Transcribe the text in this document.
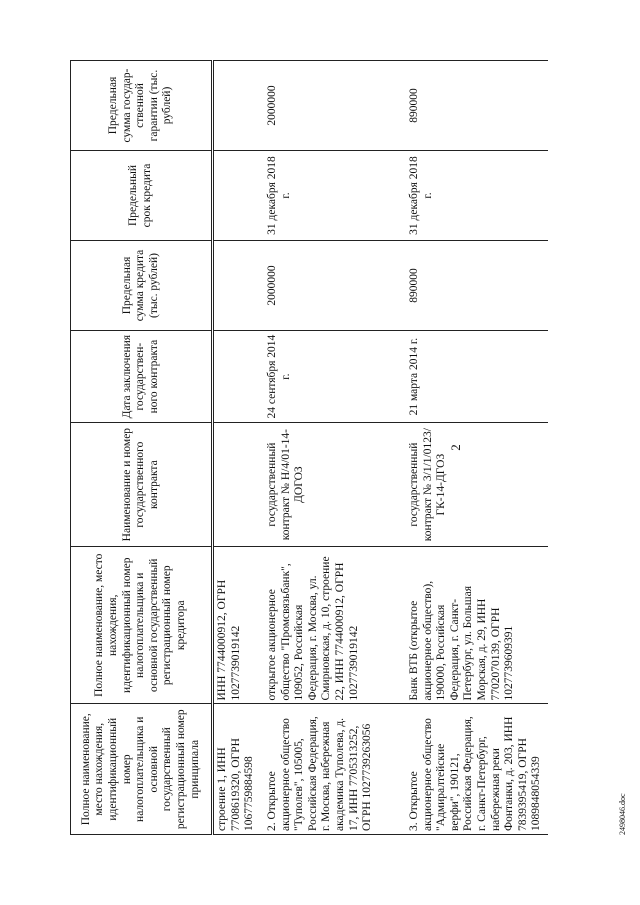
Полное наименование, место нахождения, идентификационный номер налогоплательщика и основной государственный регистрационный номер принципала	Полное наименование, место нахождения, идентификационный номер налогоплательщика и основной государственный регистрационный номер кредитора	Наименование и номер государственного контракта	Дата заключения государствен-ного контракта	Предельная сумма кредита (тыс. рублей)	Предельный срок кредита	Предельная сумма государ-ственной гарантии (тыс. рублей)
строение 1, ИНН 7708619320, ОГРН 1067759884598	ИНН 7744000912, ОГРН 1027739019142					
2. Открытое акционерное общество "Туполев", 105005, Российская Федерация, г. Москва, набережная академика Туполева, д. 17, ИНН 7705313252, ОГРН 1027739263056	открытое акционерное общество "Промсвязьбанк", 109052, Российская Федерация, г. Москва, ул. Смирновская, д. 10, строение 22, ИНН 7744000912, ОГРН 1027739019142	государственный контракт № Н/4/01-14-ДОГОЗ	24 сентября 2014 г.	2000000	31 декабря 2018 г.	2000000
3. Открытое акционерное общество "Адмиралтейские верфи", 190121, Российская Федерация, г. Санкт-Петербург, набережная реки Фонтанки, д. 203, ИНН 7839395419, ОГРН 1089848054339	Банк ВТБ (открытое акционерное общество), 190000, Российская Федерация, г. Санкт-Петербург, ул. Большая Морская, д. 29, ИНН 7702070139, ОГРН 1027739609391	государственный контракт № 3/1/1/0123/ГК-14-ДГОЗ	21 марта 2014 г.	890000	31 декабря 2018 г.	890000
2
2498046.doc
